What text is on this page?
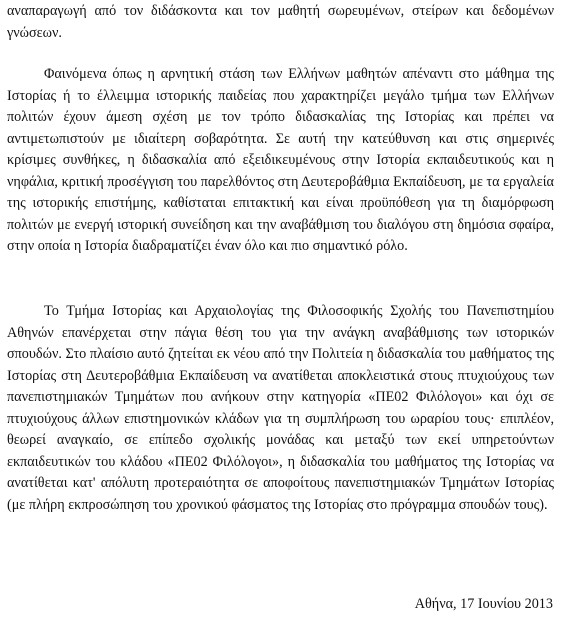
αναπαραγωγή από τον διδάσκοντα και τον μαθητή σωρευμένων, στείρων και δεδομένων γνώσεων.

Φαινόμενα όπως η αρνητική στάση των Ελλήνων μαθητών απέναντι στο μάθημα της Ιστορίας ή το έλλειμμα ιστορικής παιδείας που χαρακτηρίζει μεγάλο τμήμα των Ελλήνων πολιτών έχουν άμεση σχέση με τον τρόπο διδασκαλίας της Ιστορίας και πρέπει να αντιμετωπιστούν με ιδιαίτερη σοβαρότητα. Σε αυτή την κατεύθυνση και στις σημερινές κρίσιμες συνθήκες, η διδασκαλία από εξειδικευμένους στην Ιστορία εκπαιδευτικούς και η νηφάλια, κριτική προσέγγιση του παρελθόντος στη Δευτεροβάθμια Εκπαίδευση, με τα εργαλεία της ιστορικής επιστήμης, καθίσταται επιτακτική και είναι προϋπόθεση για τη διαμόρφωση πολιτών με ενεργή ιστορική συνείδηση και την αναβάθμιση του διαλόγου στη δημόσια σφαίρα, στην οποία η Ιστορία διαδραματίζει έναν όλο και πιο σημαντικό ρόλο.

Το Τμήμα Ιστορίας και Αρχαιολογίας της Φιλοσοφικής Σχολής του Πανεπιστημίου Αθηνών επανέρχεται στην πάγια θέση του για την ανάγκη αναβάθμισης των ιστορικών σπουδών. Στο πλαίσιο αυτό ζητείται εκ νέου από την Πολιτεία η διδασκαλία του μαθήματος της Ιστορίας στη Δευτεροβάθμια Εκπαίδευση να ανατίθεται αποκλειστικά στους πτυχιούχους των πανεπιστημιακών Τμημάτων που ανήκουν στην κατηγορία «ΠΕ02 Φιλόλογοι» και όχι σε πτυχιούχους άλλων επιστημονικών κλάδων για τη συμπλήρωση του ωραρίου τους· επιπλέον, θεωρεί αναγκαίο, σε επίπεδο σχολικής μονάδας και μεταξύ των εκεί υπηρετούντων εκπαιδευτικών του κλάδου «ΠΕ02 Φιλόλογοι», η διδασκαλία του μαθήματος της Ιστορίας να ανατίθεται κατ' απόλυτη προτεραιότητα σε αποφοίτους πανεπιστημιακών Τμημάτων Ιστορίας (με πλήρη εκπροσώπηση του χρονικού φάσματος της Ιστορίας στο πρόγραμμα σπουδών τους).

Αθήνα, 17 Ιουνίου 2013
